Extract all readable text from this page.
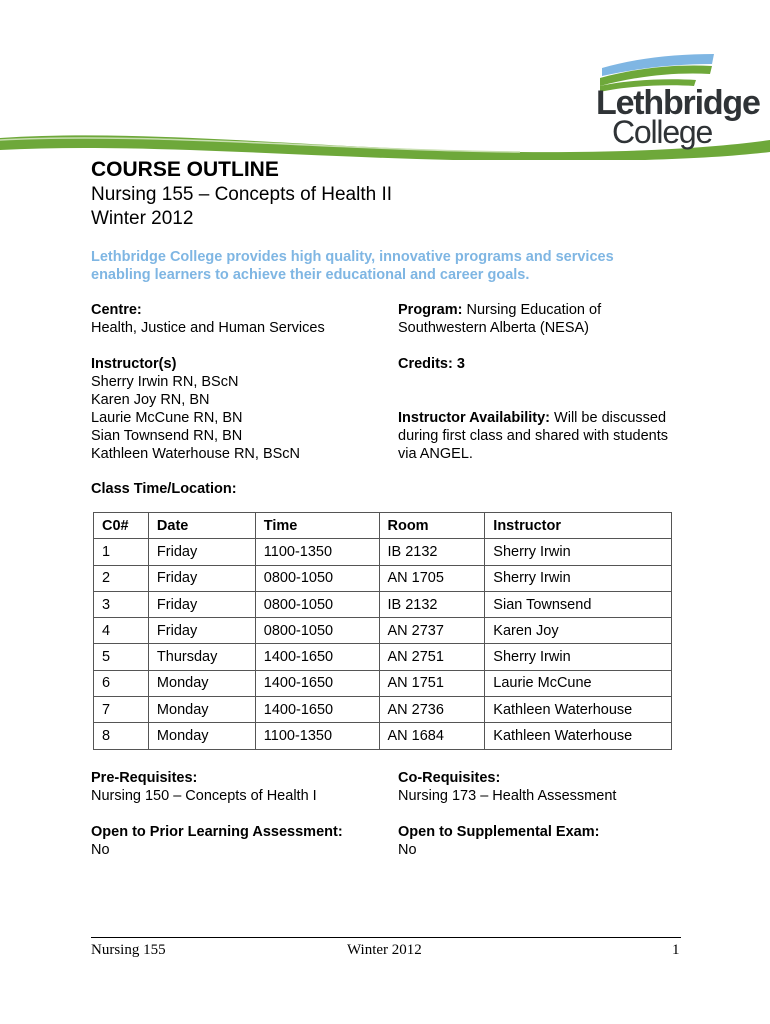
Lethbridge
College
COURSE OUTLINE
Nursing 155 – Concepts of Health II
Winter 2012
Lethbridge College provides high quality, innovative programs and services enabling learners to achieve their educational and career goals.
Centre:
Health, Justice and Human Services
Program: Nursing Education of
Southwestern Alberta (NESA)
Instructor(s)
Sherry Irwin RN, BScN
Karen Joy RN, BN
Laurie McCune RN, BN
Sian Townsend RN, BN
Kathleen Waterhouse RN, BScN
Credits: 3
Instructor Availability: Will be discussed
during first class and shared with students
via ANGEL.
Class Time/Location:
C0#	Date	Time	Room	Instructor
1	Friday	1100-1350	IB 2132	Sherry Irwin
2	Friday	0800-1050	AN 1705	Sherry Irwin
3	Friday	0800-1050	IB 2132	Sian Townsend
4	Friday	0800-1050	AN 2737	Karen Joy
5	Thursday	1400-1650	AN 2751	Sherry Irwin
6	Monday	1400-1650	AN 1751	Laurie McCune
7	Monday	1400-1650	AN 2736	Kathleen Waterhouse
8	Monday	1100-1350	AN 1684	Kathleen Waterhouse
Pre-Requisites:
Nursing 150 – Concepts of Health I
Co-Requisites:
Nursing 173 – Health Assessment
Open to Prior Learning Assessment:
No
Open to Supplemental Exam:
No
Nursing 155	Winter 2012	1
